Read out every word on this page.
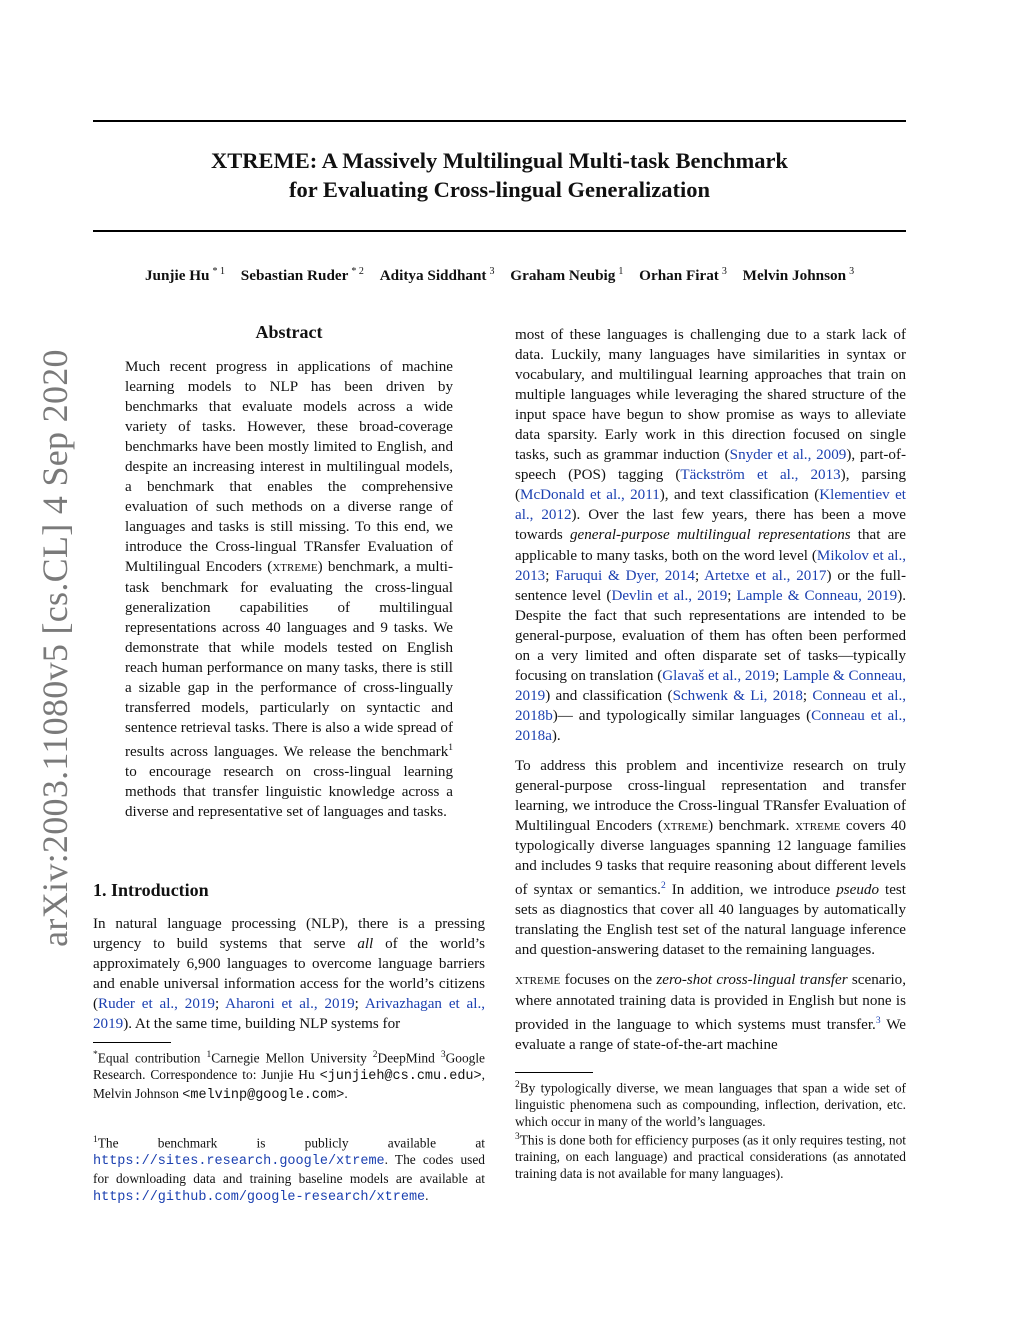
XTREME: A Massively Multilingual Multi-task Benchmark
for Evaluating Cross-lingual Generalization
Junjie Hu $^{* 1}$ Sebastian Ruder $^{* 2}$ Aditya Siddhant $^3$ Graham Neubig $^1$ Orhan Firat $^3$ Melvin Johnson $^3$
arXiv:2003.11080v5 [cs.CL] 4 Sep 2020
Abstract
Much recent progress in applications of machine learning models to NLP has been driven by benchmarks that evaluate models across a wide variety of tasks. However, these broad-coverage benchmarks have been mostly limited to English, and despite an increasing interest in multilingual models, a benchmark that enables the comprehensive evaluation of such methods on a diverse range of languages and tasks is still missing. To this end, we introduce the Cross-lingual TRansfer Evaluation of Multilingual Encoders (xtreme) benchmark, a multi-task benchmark for evaluating the cross-lingual generalization capabilities of multilingual representations across 40 languages and 9 tasks. We demonstrate that while models tested on English reach human performance on many tasks, there is still a sizable gap in the performance of cross-lingually transferred models, particularly on syntactic and sentence retrieval tasks. There is also a wide spread of results across languages. We release the benchmark$^1$ to encourage research on cross-lingual learning methods that transfer linguistic knowledge across a diverse and representative set of languages and tasks.
1. Introduction
In natural language processing (NLP), there is a pressing urgency to build systems that serve all of the world’s approximately 6,900 languages to overcome language barriers and enable universal information access for the world’s citizens (Ruder et al., 2019; Aharoni et al., 2019; Arivazhagan et al., 2019). At the same time, building NLP systems for
*Equal contribution $^1$Carnegie Mellon University $^2$DeepMind $^3$Google Research. Correspondence to: Junjie Hu <junjieh@cs.cmu.edu>, Melvin Johnson <melvinp@google.com>.
$^1$The benchmark is publicly available at https://sites.research.google/xtreme. The codes used for downloading data and training baseline models are available at https://github.com/google-research/xtreme.

most of these languages is challenging due to a stark lack of data. Luckily, many languages have similarities in syntax or vocabulary, and multilingual learning approaches that train on multiple languages while leveraging the shared structure of the input space have begun to show promise as ways to alleviate data sparsity. Early work in this direction focused on single tasks, such as grammar induction (Snyder et al., 2009), part-of-speech (POS) tagging (Täckström et al., 2013), parsing (McDonald et al., 2011), and text classification (Klementiev et al., 2012). Over the last few years, there has been a move towards general-purpose multilingual representations that are applicable to many tasks, both on the word level (Mikolov et al., 2013; Faruqui & Dyer, 2014; Artetxe et al., 2017) or the full-sentence level (Devlin et al., 2019; Lample & Conneau, 2019). Despite the fact that such representations are intended to be general-purpose, evaluation of them has often been performed on a very limited and often disparate set of tasks—typically focusing on translation (Glavaš et al., 2019; Lample & Conneau, 2019) and classification (Schwenk & Li, 2018; Conneau et al., 2018b)— and typologically similar languages (Conneau et al., 2018a).

To address this problem and incentivize research on truly general-purpose cross-lingual representation and transfer learning, we introduce the Cross-lingual TRansfer Evaluation of Multilingual Encoders (xtreme) benchmark. xtreme covers 40 typologically diverse languages spanning 12 language families and includes 9 tasks that require reasoning about different levels of syntax or semantics.$^2$ In addition, we introduce pseudo test sets as diagnostics that cover all 40 languages by automatically translating the English test set of the natural language inference and question-answering dataset to the remaining languages.

xtreme focuses on the zero-shot cross-lingual transfer scenario, where annotated training data is provided in English but none is provided in the language to which systems must transfer.$^3$ We evaluate a range of state-of-the-art machine

$^2$By typologically diverse, we mean languages that span a wide set of linguistic phenomena such as compounding, inflection, derivation, etc. which occur in many of the world’s languages.
$^3$This is done both for efficiency purposes (as it only requires testing, not training, on each language) and practical considerations (as annotated training data is not available for many languages).
